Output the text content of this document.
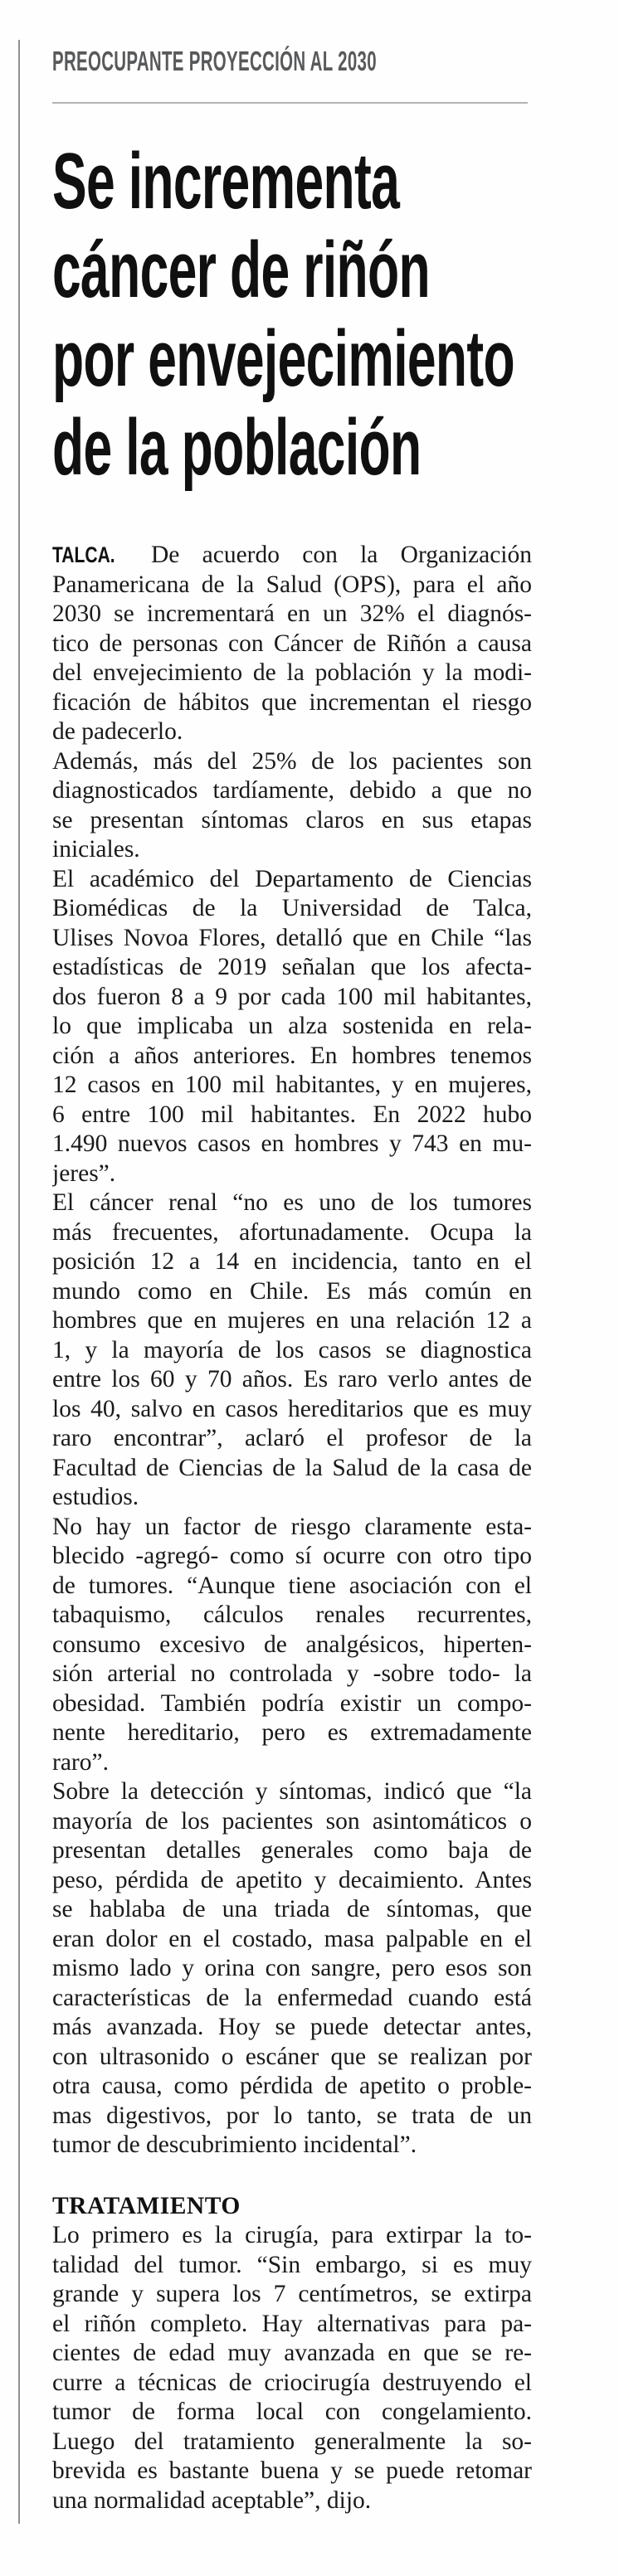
PREOCUPANTE PROYECCIÓN AL 2030
Se incrementa
cáncer de riñón
por envejecimiento
de la población
TALCA. De acuerdo con la Organización
Panamericana de la Salud (OPS), para el año
2030 se incrementará en un 32% el diagnós-
tico de personas con Cáncer de Riñón a causa
del envejecimiento de la población y la modi-
ficación de hábitos que incrementan el riesgo
de padecerlo.
Además, más del 25% de los pacientes son
diagnosticados tardíamente, debido a que no
se presentan síntomas claros en sus etapas
iniciales.
El académico del Departamento de Ciencias
Biomédicas de la Universidad de Talca,
Ulises Novoa Flores, detalló que en Chile “las
estadísticas de 2019 señalan que los afecta-
dos fueron 8 a 9 por cada 100 mil habitantes,
lo que implicaba un alza sostenida en rela-
ción a años anteriores. En hombres tenemos
12 casos en 100 mil habitantes, y en mujeres,
6 entre 100 mil habitantes. En 2022 hubo
1.490 nuevos casos en hombres y 743 en mu-
jeres”.
El cáncer renal “no es uno de los tumores
más frecuentes, afortunadamente. Ocupa la
posición 12 a 14 en incidencia, tanto en el
mundo como en Chile. Es más común en
hombres que en mujeres en una relación 12 a
1, y la mayoría de los casos se diagnostica
entre los 60 y 70 años. Es raro verlo antes de
los 40, salvo en casos hereditarios que es muy
raro encontrar”, aclaró el profesor de la
Facultad de Ciencias de la Salud de la casa de
estudios.
No hay un factor de riesgo claramente esta-
blecido -agregó- como sí ocurre con otro tipo
de tumores. “Aunque tiene asociación con el
tabaquismo, cálculos renales recurrentes,
consumo excesivo de analgésicos, hiperten-
sión arterial no controlada y -sobre todo- la
obesidad. También podría existir un compo-
nente hereditario, pero es extremadamente
raro”.
Sobre la detección y síntomas, indicó que “la
mayoría de los pacientes son asintomáticos o
presentan detalles generales como baja de
peso, pérdida de apetito y decaimiento. Antes
se hablaba de una triada de síntomas, que
eran dolor en el costado, masa palpable en el
mismo lado y orina con sangre, pero esos son
características de la enfermedad cuando está
más avanzada. Hoy se puede detectar antes,
con ultrasonido o escáner que se realizan por
otra causa, como pérdida de apetito o proble-
mas digestivos, por lo tanto, se trata de un
tumor de descubrimiento incidental”.
TRATAMIENTO
Lo primero es la cirugía, para extirpar la to-
talidad del tumor. “Sin embargo, si es muy
grande y supera los 7 centímetros, se extirpa
el riñón completo. Hay alternativas para pa-
cientes de edad muy avanzada en que se re-
curre a técnicas de criocirugía destruyendo el
tumor de forma local con congelamiento.
Luego del tratamiento generalmente la so-
brevida es bastante buena y se puede retomar
una normalidad aceptable”, dijo.
